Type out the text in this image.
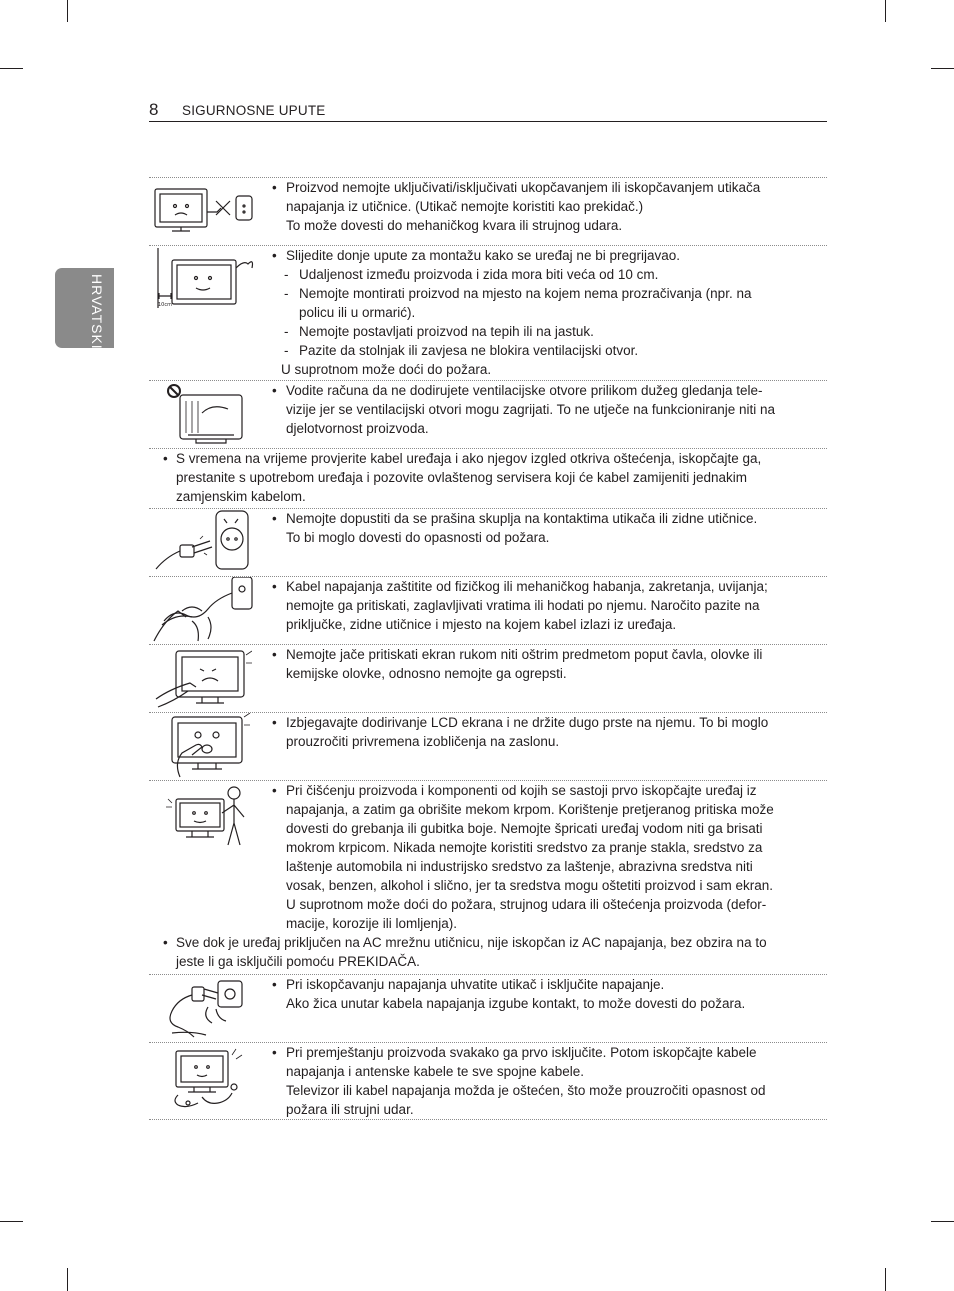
8 SIGURNOSNE UPUTE
HRVATSKI
• Proizvod nemojte uključivati/isključivati ukopčavanjem ili iskopčavanjem utikača
napajanja iz utičnice. (Utikač nemojte koristiti kao prekidač.)
To može dovesti do mehaničkog kvara ili strujnog udara.
10cm
• Slijedite donje upute za montažu kako se uređaj ne bi pregrijavao.
- Udaljenost između proizvoda i zida mora biti veća od 10 cm.
- Nemojte montirati proizvod na mjesto na kojem nema prozračivanja (npr. na
policu ili u ormarić).
- Nemojte postavljati proizvod na tepih ili na jastuk.
- Pazite da stolnjak ili zavjesa ne blokira ventilacijski otvor.
U suprotnom može doći do požara.
• Vodite računa da ne dodirujete ventilacijske otvore prilikom dužeg gledanja tele-
vizije jer se ventilacijski otvori mogu zagrijati. To ne utječe na funkcioniranje niti na
djelotvornost proizvoda.
• S vremena na vrijeme provjerite kabel uređaja i ako njegov izgled otkriva oštećenja, iskopčajte ga,
prestanite s upotrebom uređaja i pozovite ovlaštenog servisera koji će kabel zamijeniti jednakim
zamjenskim kabelom.
• Nemojte dopustiti da se prašina skuplja na kontaktima utikača ili zidne utičnice.
To bi moglo dovesti do opasnosti od požara.
• Kabel napajanja zaštitite od fizičkog ili mehaničkog habanja, zakretanja, uvijanja;
nemojte ga pritiskati, zaglavljivati vratima ili hodati po njemu. Naročito pazite na
priključke, zidne utičnice i mjesto na kojem kabel izlazi iz uređaja.
• Nemojte jače pritiskati ekran rukom niti oštrim predmetom poput čavla, olovke ili
kemijske olovke, odnosno nemojte ga ogrepsti.
• Izbjegavajte dodirivanje LCD ekrana i ne držite dugo prste na njemu. To bi moglo
prouzročiti privremena izobličenja na zaslonu.
• Pri čišćenju proizvoda i komponenti od kojih se sastoji prvo iskopčajte uređaj iz
napajanja, a zatim ga obrišite mekom krpom. Korištenje pretjeranog pritiska može
dovesti do grebanja ili gubitka boje. Nemojte špricati uređaj vodom niti ga brisati
mokrom krpicom. Nikada nemojte koristiti sredstvo za pranje stakla, sredstvo za
laštenje automobila ni industrijsko sredstvo za laštenje, abrazivna sredstva niti
vosak, benzen, alkohol i slično, jer ta sredstva mogu oštetiti proizvod i sam ekran.
U suprotnom može doći do požara, strujnog udara ili oštećenja proizvoda (defor-
macije, korozije ili lomljenja).
• Sve dok je uređaj priključen na AC mrežnu utičnicu, nije iskopčan iz AC napajanja, bez obzira na to
jeste li ga isključili pomoću PREKIDAČA.
• Pri iskopčavanju napajanja uhvatite utikač i isključite napajanje.
Ako žica unutar kabela napajanja izgube kontakt, to može dovesti do požara.
• Pri premještanju proizvoda svakako ga prvo isključite. Potom iskopčajte kabele
napajanja i antenske kabele te sve spojne kabele.
Televizor ili kabel napajanja možda je oštećen, što može prouzročiti opasnost od
požara ili strujni udar.
